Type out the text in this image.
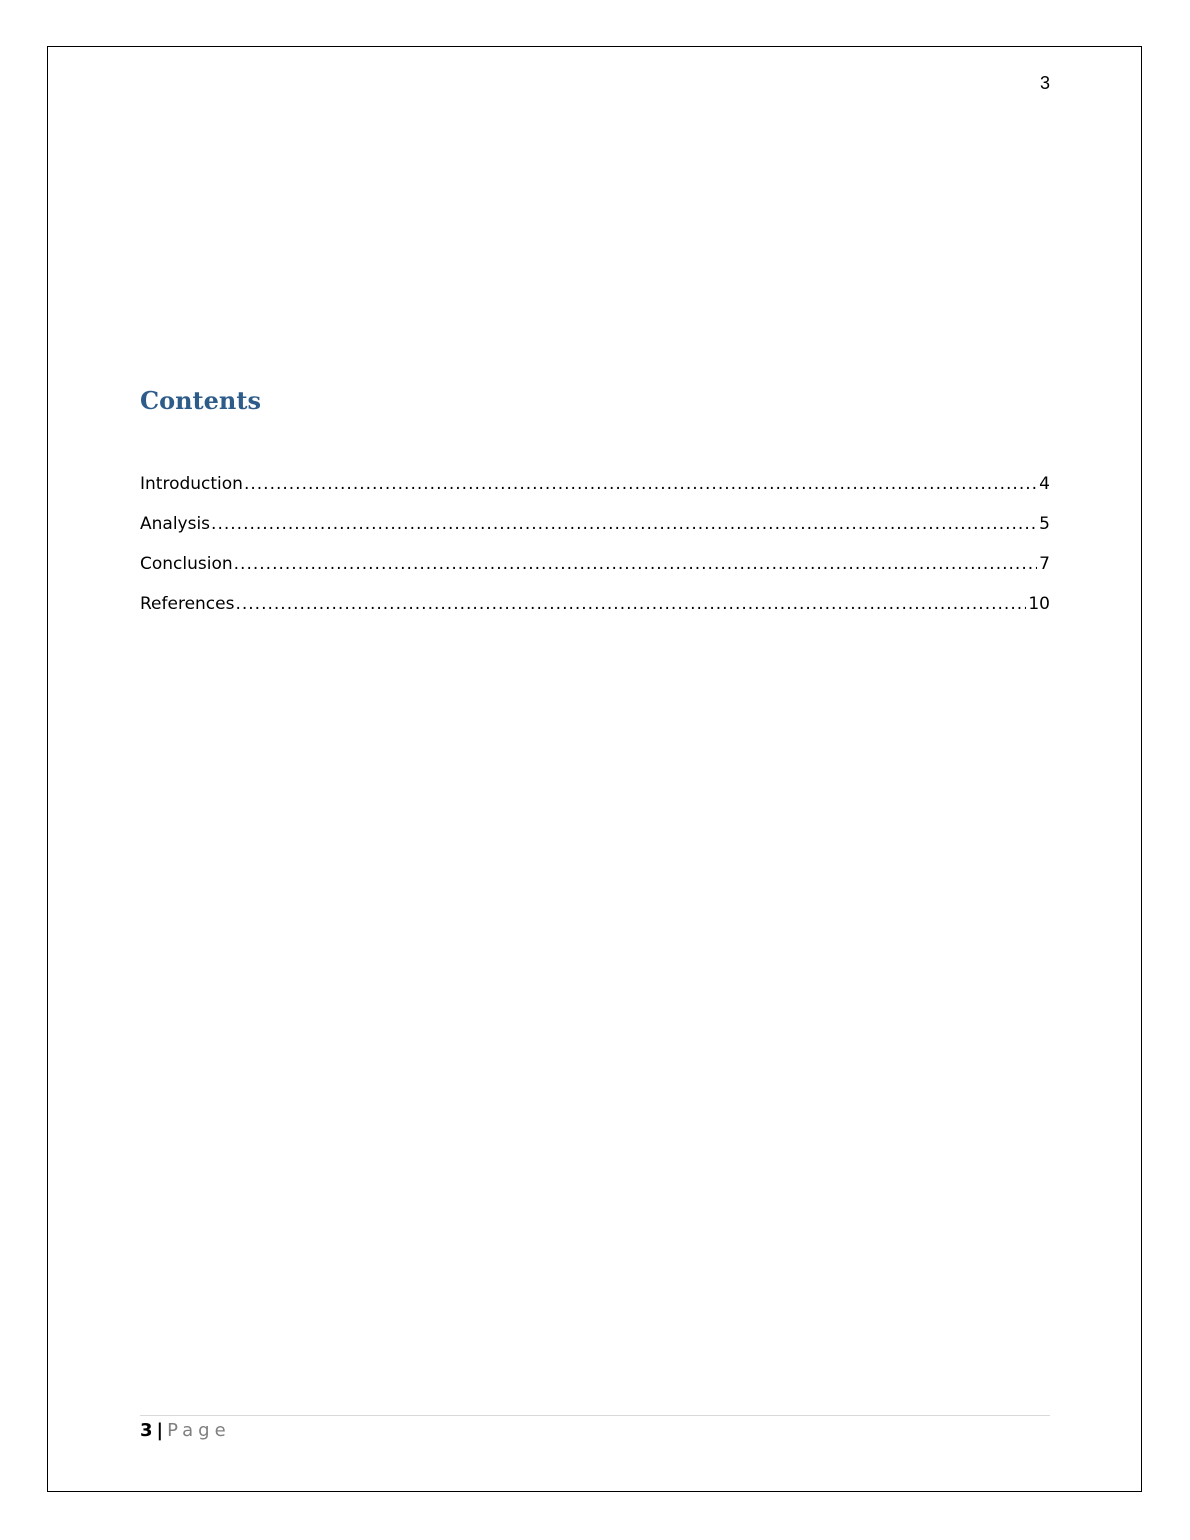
3
Contents
Introduction .....	4
Analysis .....	5
Conclusion .....	7
References .....	10
3 | Page
